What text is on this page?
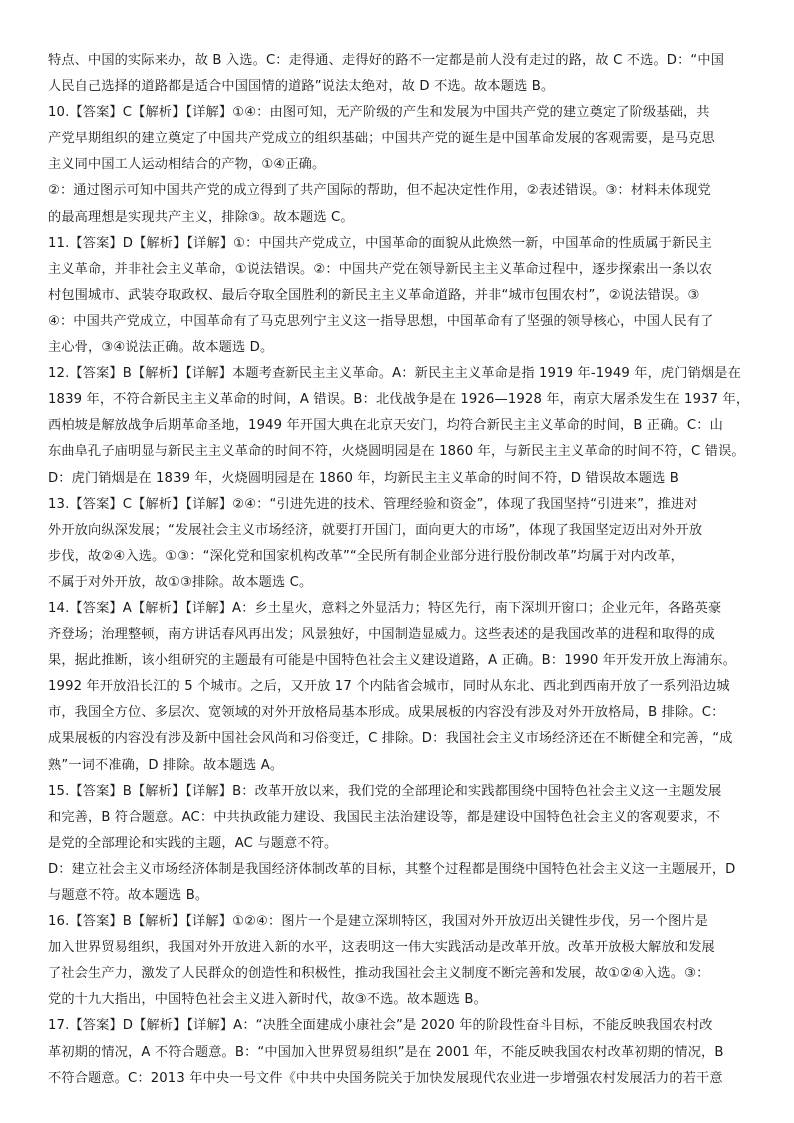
特点、中国的实际来办，故 B 入选。C：走得通、走得好的路不一定都是前人没有走过的路，故 C 不选。D：“中国
人民自己选择的道路都是适合中国国情的道路”说法太绝对，故 D 不选。故本题选 B。
10.【答案】C【解析】【详解】①④：由图可知，无产阶级的产生和发展为中国共产党的建立奠定了阶级基础，共
产党早期组织的建立奠定了中国共产党成立的组织基础；中国共产党的诞生是中国革命发展的客观需要，是马克思
主义同中国工人运动相结合的产物，①④正确。
②：通过图示可知中国共产党的成立得到了共产国际的帮助，但不起决定性作用，②表述错误。③：材料未体现党
的最高理想是实现共产主义，排除③。故本题选 C。
11.【答案】D【解析】【详解】①：中国共产党成立，中国革命的面貌从此焕然一新，中国革命的性质属于新民主
主义革命，并非社会主义革命，①说法错误。②：中国共产党在领导新民主主义革命过程中，逐步探索出一条以农
村包围城市、武装夺取政权、最后夺取全国胜利的新民主主义革命道路，并非“城市包围农村”，②说法错误。③
④：中国共产党成立，中国革命有了马克思列宁主义这一指导思想，中国革命有了坚强的领导核心，中国人民有了
主心骨，③④说法正确。故本题选 D。
12.【答案】B【解析】【详解】本题考查新民主主义革命。A：新民主主义革命是指 1919 年-1949 年，虎门销烟是在
1839 年，不符合新民主主义革命的时间，A 错误。B：北伐战争是在 1926—1928 年，南京大屠杀发生在 1937 年，
西柏坡是解放战争后期革命圣地，1949 年开国大典在北京天安门，均符合新民主主义革命的时间，B 正确。C：山
东曲阜孔子庙明显与新民主主义革命的时间不符，火烧圆明园是在 1860 年，与新民主主义革命的时间不符，C 错误。
D：虎门销烟是在 1839 年，火烧圆明园是在 1860 年，均新民主主义革命的时间不符，D 错误故本题选 B
13.【答案】C【解析】【详解】②④：“引进先进的技术、管理经验和资金”，体现了我国坚持“引进来”，推进对
外开放向纵深发展；“发展社会主义市场经济，就要打开国门，面向更大的市场”，体现了我国坚定迈出对外开放
步伐，故②④入选。①③：“深化党和国家机构改革”“全民所有制企业部分进行股份制改革”均属于对内改革，
不属于对外开放，故①③排除。故本题选 C。
14.【答案】A【解析】【详解】A：乡土星火，意料之外显活力；特区先行，南下深圳开窗口；企业元年，各路英豪
齐登场；治理整顿，南方讲话春风再出发；风景独好，中国制造显威力。这些表述的是我国改革的进程和取得的成
果，据此推断，该小组研究的主题最有可能是中国特色社会主义建设道路，A 正确。B：1990 年开发开放上海浦东。
1992 年开放沿长江的 5 个城市。之后，又开放 17 个内陆省会城市，同时从东北、西北到西南开放了一系列沿边城
市，我国全方位、多层次、宽领域的对外开放格局基本形成。成果展板的内容没有涉及对外开放格局，B 排除。C：
成果展板的内容没有涉及新中国社会风尚和习俗变迁，C 排除。D：我国社会主义市场经济还在不断健全和完善，“成
熟”一词不准确，D 排除。故本题选 A。
15.【答案】B【解析】【详解】B：改革开放以来，我们党的全部理论和实践都围绕中国特色社会主义这一主题发展
和完善，B 符合题意。AC：中共执政能力建设、我国民主法治建设等，都是建设中国特色社会主义的客观要求，不
是党的全部理论和实践的主题，AC 与题意不符。
D：建立社会主义市场经济体制是我国经济体制改革的目标，其整个过程都是围绕中国特色社会主义这一主题展开，D
与题意不符。故本题选 B。
16.【答案】B【解析】【详解】①②④：图片一个是建立深圳特区，我国对外开放迈出关键性步伐，另一个图片是
加入世界贸易组织，我国对外开放进入新的水平，这表明这一伟大实践活动是改革开放。改革开放极大解放和发展
了社会生产力，激发了人民群众的创造性和积极性，推动我国社会主义制度不断完善和发展，故①②④入选。③：
党的十九大指出，中国特色社会主义进入新时代，故③不选。故本题选 B。
17.【答案】D【解析】【详解】A：“决胜全面建成小康社会”是 2020 年的阶段性奋斗目标，不能反映我国农村改
革初期的情况，A 不符合题意。B：“中国加入世界贸易组织”是在 2001 年，不能反映我国农村改革初期的情况，B
不符合题意。C：2013 年中央一号文件《中共中央国务院关于加快发展现代农业进一步增强农村发展活力的若干意
